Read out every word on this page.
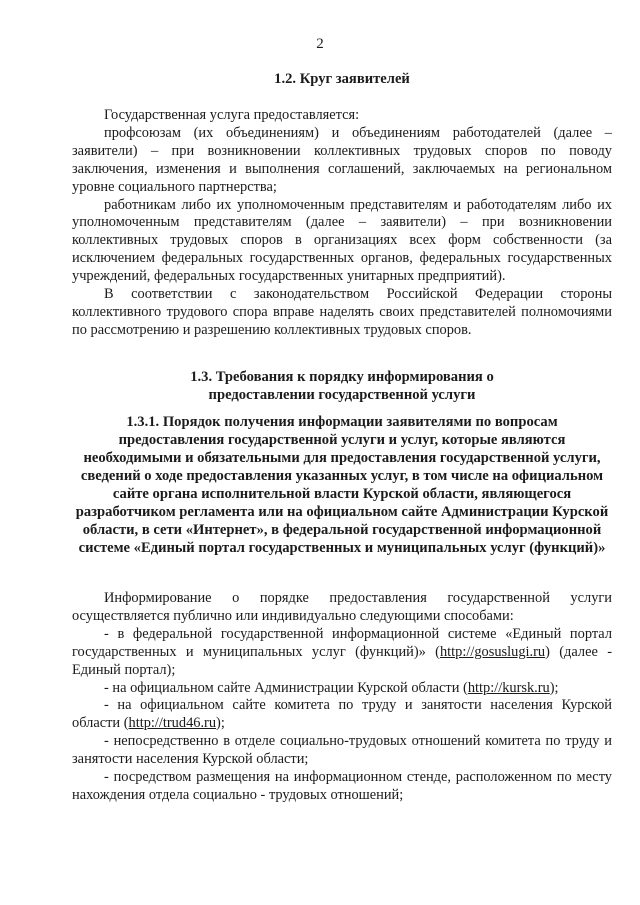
2
1.2. Круг заявителей

Государственная услуга предоставляется:

профсоюзам (их объединениям) и объединениям работодателей (далее – заявители) – при возникновении коллективных трудовых споров по поводу заключения, изменения и выполнения соглашений, заключаемых на региональном уровне социального партнерства;

работникам либо их уполномоченным представителям и работодателям либо их уполномоченным представителям (далее – заявители) – при возникновении коллективных трудовых споров в организациях всех форм собственности (за исключением федеральных государственных органов, федеральных государственных учреждений, федеральных государственных унитарных предприятий).

В соответствии с законодательством Российской Федерации стороны коллективного трудового спора вправе наделять своих представителей полномочиями по рассмотрению и разрешению коллективных трудовых споров.

1.3. Требования к порядку информирования о предоставлении государственной услуги
1.3.1. Порядок получения информации заявителями по вопросам предоставления государственной услуги и услуг, которые являются необходимыми и обязательными для предоставления государственной услуги, сведений о ходе предоставления указанных услуг, в том числе на официальном сайте органа исполнительной власти Курской области, являющегося разработчиком регламента или на официальном сайте Администрации Курской области, в сети «Интернет», в федеральной государственной информационной системе «Единый портал государственных и муниципальных услуг (функций)»

Информирование о порядке предоставления государственной услуги осуществляется публично или индивидуально следующими способами:

- в федеральной государственной информационной системе «Единый портал государственных и муниципальных услуг (функций)» (http://gosuslugi.ru) (далее - Единый портал);

- на официальном сайте Администрации Курской области (http://kursk.ru);

- на официальном сайте комитета по труду и занятости населения Курской области (http://trud46.ru);

- непосредственно в отделе социально-трудовых отношений комитета по труду и занятости населения Курской области;

- посредством размещения на информационном стенде, расположенном по месту нахождения отдела социально - трудовых отношений;
